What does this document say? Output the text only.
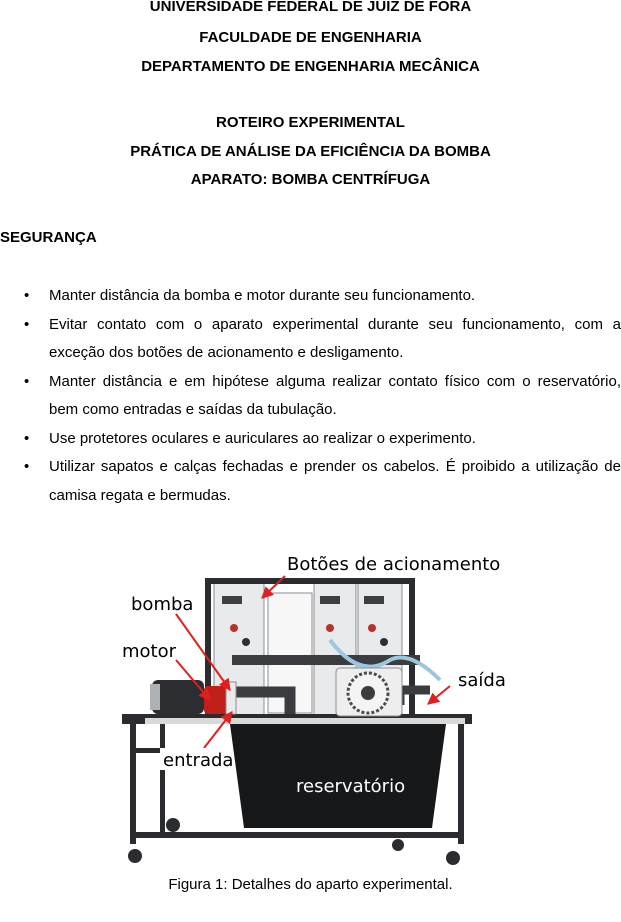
UNIVERSIDADE FEDERAL DE JUIZ DE FORA
FACULDADE DE ENGENHARIA
DEPARTAMENTO DE ENGENHARIA MECÂNICA
ROTEIRO EXPERIMENTAL
PRÁTICA DE ANÁLISE DA EFICIÊNCIA DA BOMBA
APARATO: BOMBA CENTRÍFUGA
SEGURANÇA
• Manter distância da bomba e motor durante seu funcionamento.
• Evitar contato com o aparato experimental durante seu funcionamento, com a exceção dos botões de acionamento e desligamento.
• Manter distância e em hipótese alguma realizar contato físico com o reservatório, bem como entradas e saídas da tubulação.
• Use protetores oculares e auriculares ao realizar o experimento.
• Utilizar sapatos e calças fechadas e prender os cabelos. É proibido a utilização de camisa regata e bermudas.
Botões de acionamento
bomba
motor
saída
entrada
reservatório
Figura 1: Detalhes do aparto experimental.
